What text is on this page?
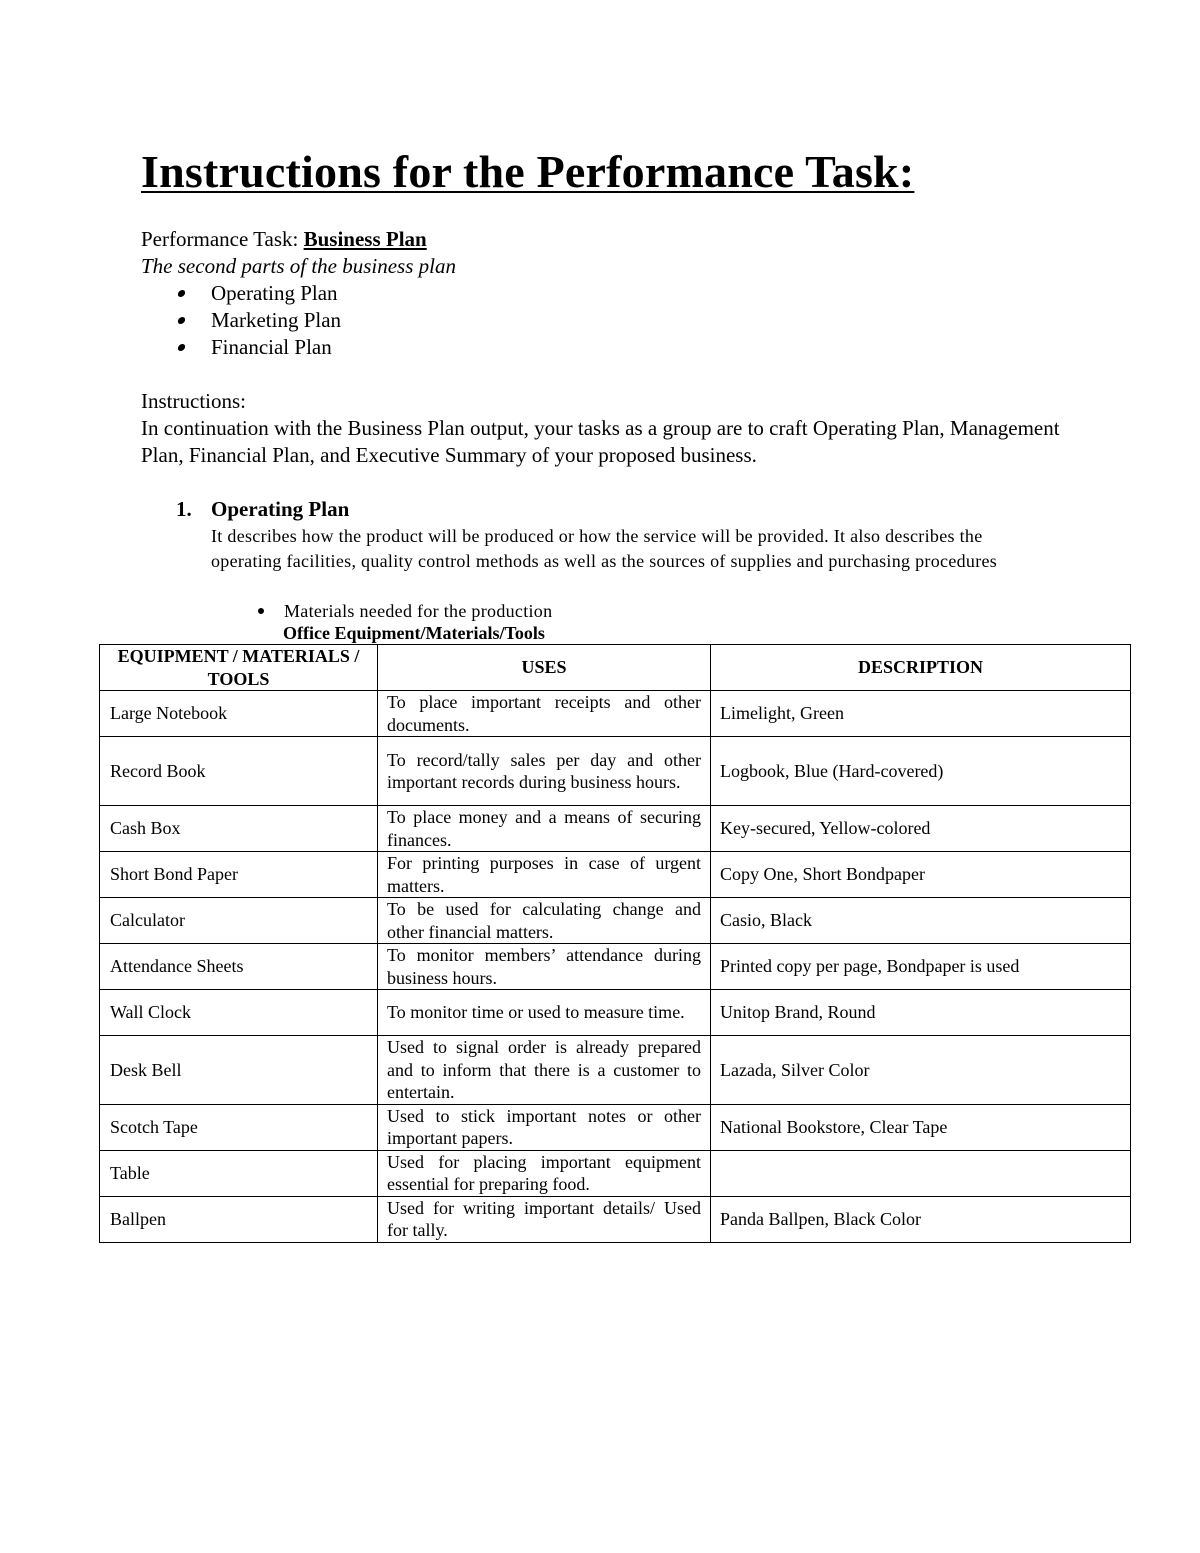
Instructions for the Performance Task:

Performance Task: Business Plan

The second parts of the business plan

Operating Plan
Marketing Plan
Financial Plan

Instructions:

In continuation with the Business Plan output, your tasks as a group are to craft Operating Plan, Management Plan, Financial Plan, and Executive Summary of your proposed business.

1. Operating Plan

It describes how the product will be produced or how the service will be provided. It also describes the operating facilities, quality control methods as well as the sources of supplies and purchasing procedures

Materials needed for the production
Office Equipment/Materials/Tools
EQUIPMENT / MATERIALS / TOOLS	USES	DESCRIPTION
Large Notebook	To place important receipts and other documents.	Limelight, Green
Record Book	To record/tally sales per day and other important records during business hours.	Logbook, Blue (Hard-covered)
Cash Box	To place money and a means of securing finances.	Key-secured, Yellow-colored
Short Bond Paper	For printing purposes in case of urgent matters.	Copy One, Short Bondpaper
Calculator	To be used for calculating change and other financial matters.	Casio, Black
Attendance Sheets	To monitor members’ attendance during business hours.	Printed copy per page, Bondpaper is used
Wall Clock	To monitor time or used to measure time.	Unitop Brand, Round
Desk Bell	Used to signal order is already prepared and to inform that there is a customer to entertain.	Lazada, Silver Color
Scotch Tape	Used to stick important notes or other important papers.	National Bookstore, Clear Tape
Table	Used for placing important equipment essential for preparing food.	
Ballpen	Used for writing important details/ Used for tally.	Panda Ballpen, Black Color
